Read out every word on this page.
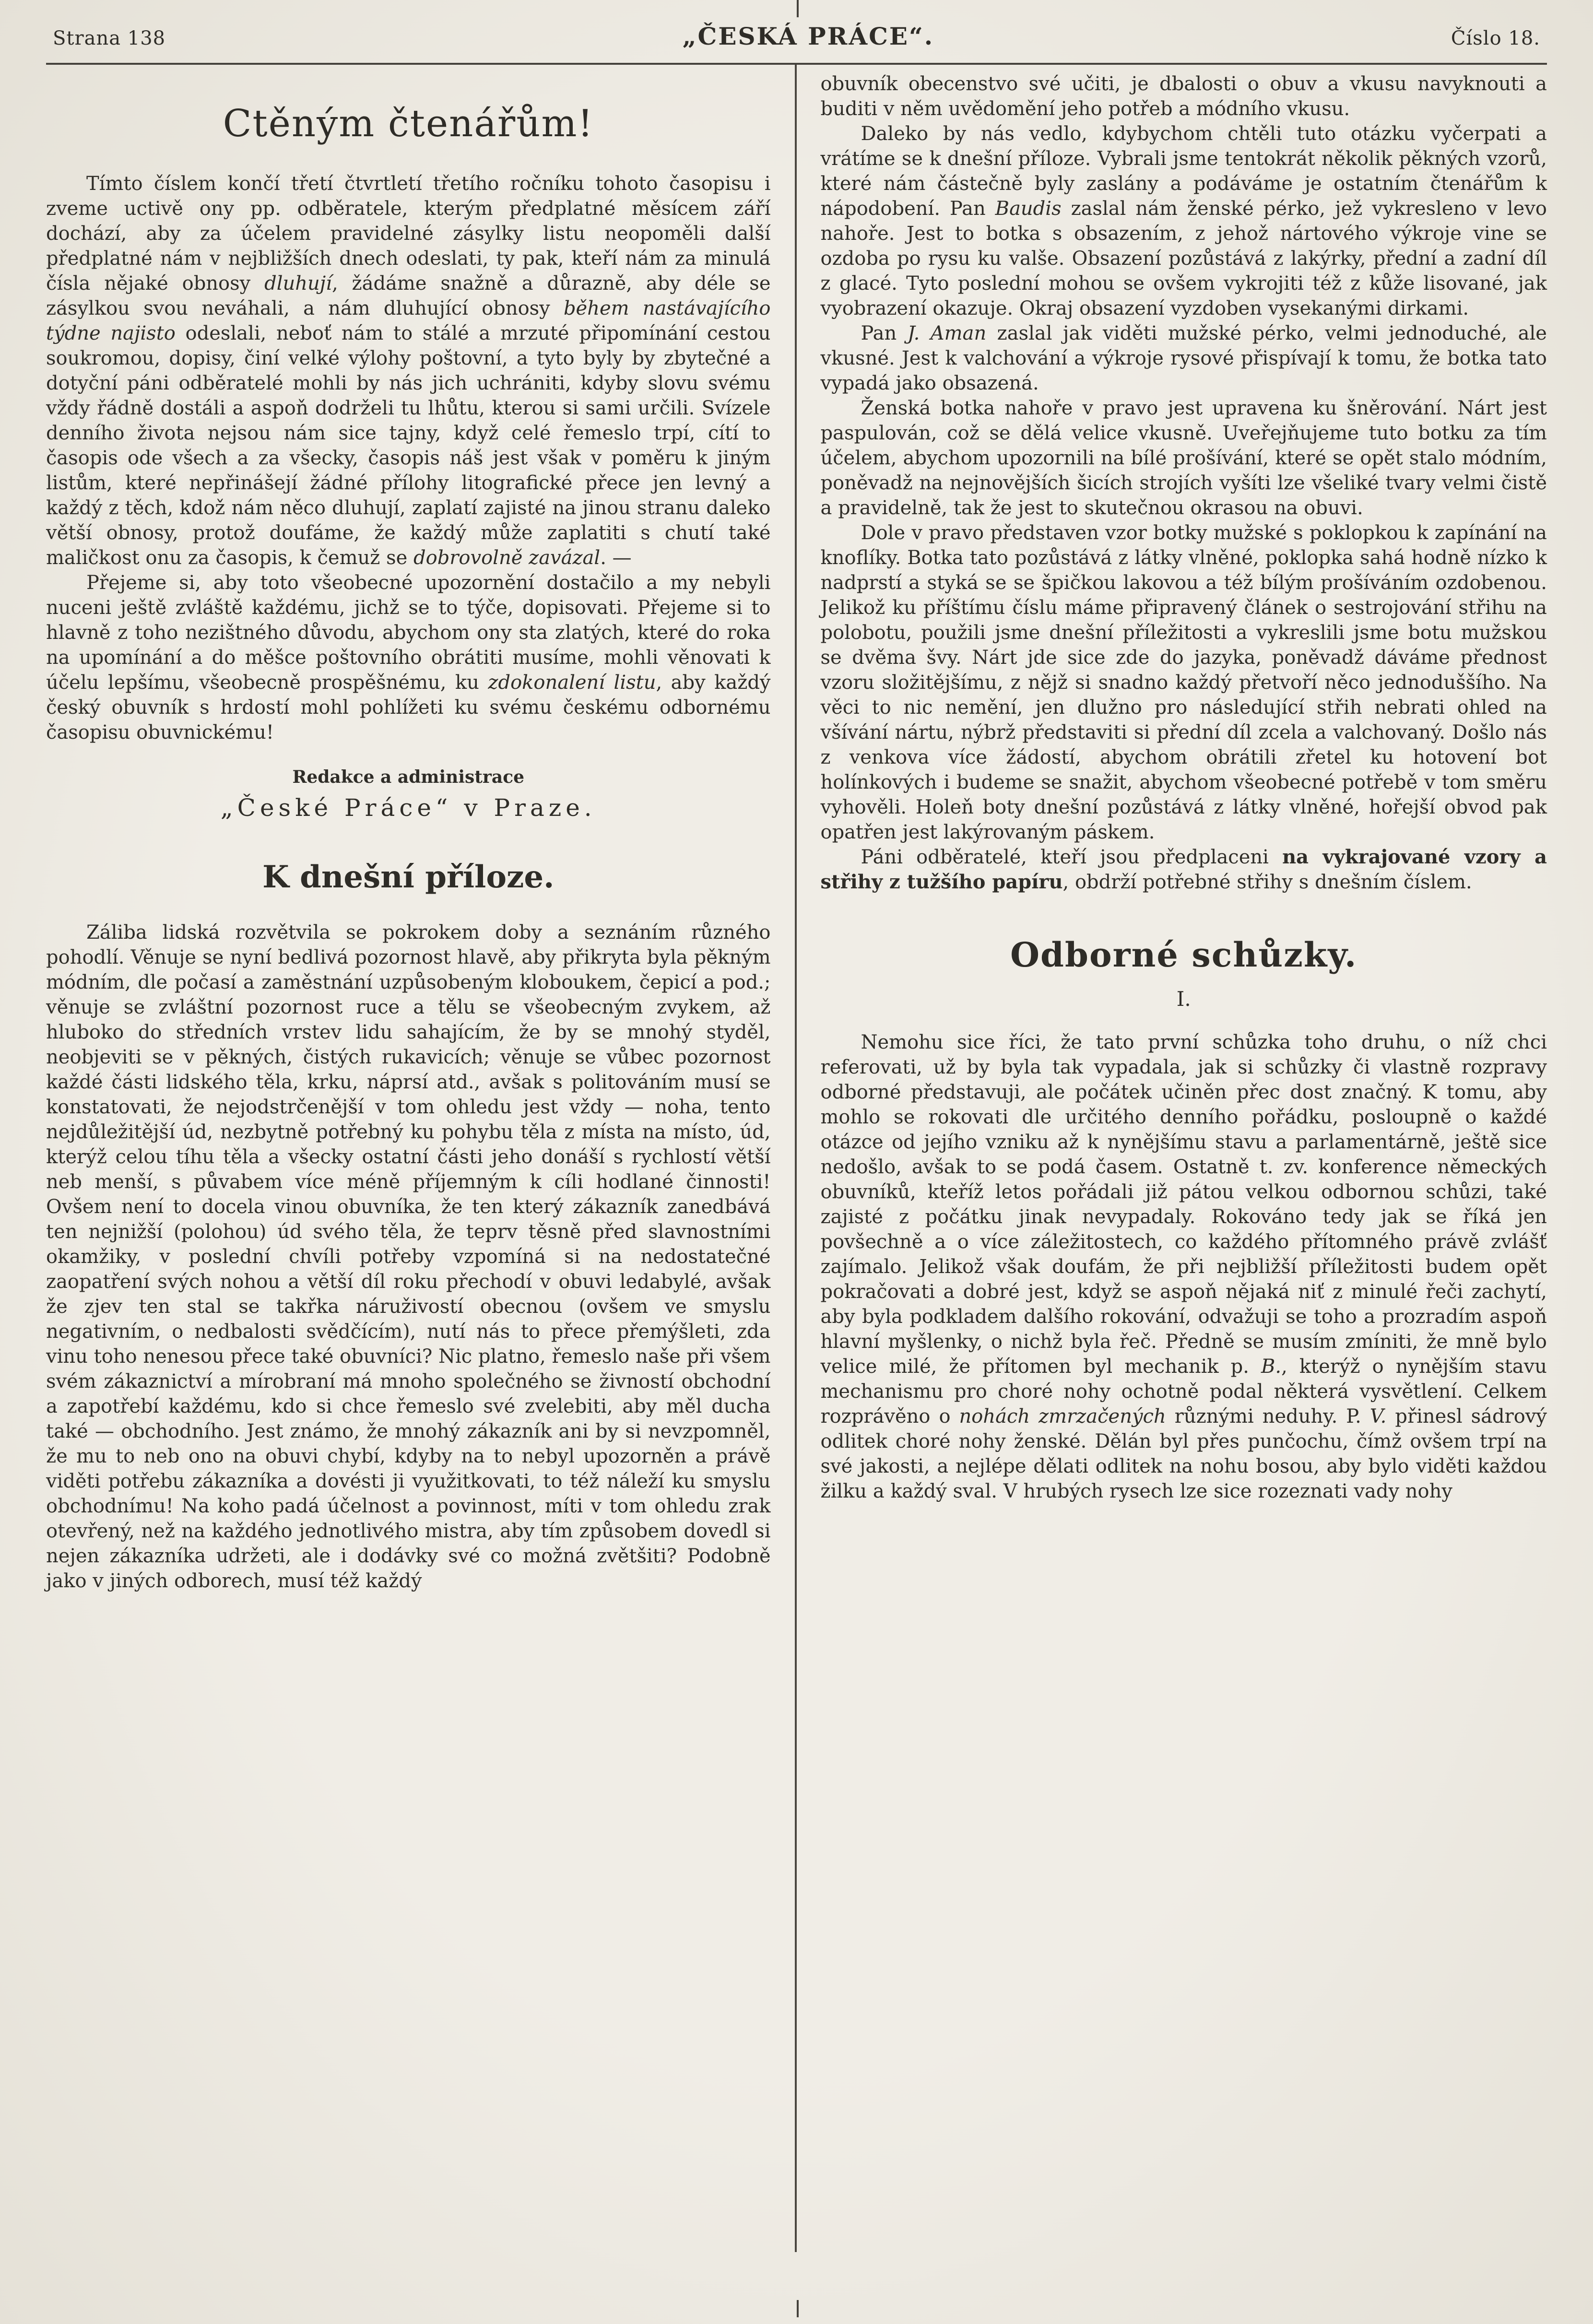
Strana 138	„ČESKÁ PRÁCE“.	Číslo 18.
Ctěným čtenářům!

Tímto číslem končí třetí čtvrtletí třetího ročníku tohoto časopisu i zveme uctivě ony pp. odběratele, kterým předplatné měsícem září dochází, aby za účelem pravidelné zásylky listu neopoměli další předplatné nám v nejbližších dnech odeslati, ty pak, kteří nám za minulá čísla nějaké obnosy dluhují, žádáme snažně a důrazně, aby déle se zásylkou svou neváhali, a nám dluhující obnosy během nastávajícího týdne najisto odeslali, neboť nám to stálé a mrzuté připomínání cestou soukromou, dopisy, činí velké výlohy poštovní, a tyto byly by zbytečné a dotyční páni odběratelé mohli by nás jich uchrániti, kdyby slovu svému vždy řádně dostáli a aspoň dodrželi tu lhůtu, kterou si sami určili. Svízele denního života nejsou nám sice tajny, když celé řemeslo trpí, cítí to časopis ode všech a za všecky, časopis náš jest však v poměru k jiným listům, které nepřinášejí žádné přílohy litografické přece jen levný a každý z těch, kdož nám něco dluhují, zaplatí zajisté na jinou stranu daleko větší obnosy, protož doufáme, že každý může zaplatiti s chutí také maličkost onu za časopis, k čemuž se dobrovolně zavázal. —

Přejeme si, aby toto všeobecné upozornění dostačilo a my nebyli nuceni ještě zvláště každému, jichž se to týče, dopisovati. Přejeme si to hlavně z toho nezištného důvodu, abychom ony sta zlatých, které do roka na upomínání a do měšce poštovního obrátiti musíme, mohli věnovati k účelu lepšímu, všeobecně prospěšnému, ku zdokonalení listu, aby každý český obuvník s hrdostí mohl pohlížeti ku svému českému odbornému časopisu obuvnickému!

Redakce a administrace
„České Práce“ v Praze.
K dnešní příloze.

Záliba lidská rozvětvila se pokrokem doby a seznáním různého pohodlí. Věnuje se nyní bedlivá pozornost hlavě, aby přikryta byla pěkným módním, dle počasí a zaměstnání uzpůsobeným kloboukem, čepicí a pod.; věnuje se zvláštní pozornost ruce a tělu se všeobecným zvykem, až hluboko do středních vrstev lidu sahajícím, že by se mnohý styděl, neobjeviti se v pěkných, čistých rukavicích; věnuje se vůbec pozornost každé části lidského těla, krku, náprsí atd., avšak s politováním musí se konstatovati, že nejodstrčenější v tom ohledu jest vždy — noha, tento nejdůležitější úd, nezbytně potřebný ku pohybu těla z místa na místo, úd, kterýž celou tíhu těla a všecky ostatní části jeho donáší s rychlostí větší neb menší, s půvabem více méně příjemným k cíli hodlané činnosti! Ovšem není to docela vinou obuvníka, že ten který zákazník zanedbává ten nejnižší (polohou) úd svého těla, že teprv těsně před slavnostními okamžiky, v poslední chvíli potřeby vzpomíná si na nedostatečné zaopatření svých nohou a větší díl roku přechodí v obuvi ledabylé, avšak že zjev ten stal se takřka náruživostí obecnou (ovšem ve smyslu negativním, o nedbalosti svědčícím), nutí nás to přece přemýšleti, zda vinu toho nenesou přece také obuvníci? Nic platno, řemeslo naše při všem svém zákaznictví a mírobraní má mnoho společného se živností obchodní a zapotřebí každému, kdo si chce řemeslo své zvelebiti, aby měl ducha také — obchodního. Jest známo, že mnohý zákazník ani by si nevzpomněl, že mu to neb ono na obuvi chybí, kdyby na to nebyl upozorněn a právě viděti potřebu zákazníka a dovésti ji využitkovati, to též náleží ku smyslu obchodnímu! Na koho padá účelnost a povinnost, míti v tom ohledu zrak otevřený, než na každého jednotlivého mistra, aby tím způsobem dovedl si nejen zákazníka udržeti, ale i dodávky své co možná zvětšiti? Podobně jako v jiných odborech, musí též každý

obuvník obecenstvo své učiti, je dbalosti o obuv a vkusu navyknouti a buditi v něm uvědomění jeho potřeb a módního vkusu.

Daleko by nás vedlo, kdybychom chtěli tuto otázku vyčerpati a vrátíme se k dnešní příloze. Vybrali jsme tentokrát několik pěkných vzorů, které nám částečně byly zaslány a podáváme je ostatním čtenářům k nápodobení. Pan Baudis zaslal nám ženské pérko, jež vykresleno v levo nahoře. Jest to botka s obsazením, z jehož nártového výkroje vine se ozdoba po rysu ku valše. Obsazení pozůstává z lakýrky, přední a zadní díl z glacé. Tyto poslední mohou se ovšem vykrojiti též z kůže lisované, jak vyobrazení okazuje. Okraj obsazení vyzdoben vysekanými dirkami.

Pan J. Aman zaslal jak viděti mužské pérko, velmi jednoduché, ale vkusné. Jest k valchování a výkroje rysové přispívají k tomu, že botka tato vypadá jako obsazená.

Ženská botka nahoře v pravo jest upravena ku šněrování. Nárt jest paspulován, což se dělá velice vkusně. Uveřejňujeme tuto botku za tím účelem, abychom upozornili na bílé prošívání, které se opět stalo módním, poněvadž na nejnovějších šicích strojích vyšíti lze všeliké tvary velmi čistě a pravidelně, tak že jest to skutečnou okrasou na obuvi.

Dole v pravo představen vzor botky mužské s poklopkou k zapínání na knoflíky. Botka tato pozůstává z látky vlněné, poklopka sahá hodně nízko k nadprstí a styká se se špičkou lakovou a též bílým prošíváním ozdobenou. Jelikož ku příštímu číslu máme připravený článek o sestrojování střihu na polobotu, použili jsme dnešní příležitosti a vykreslili jsme botu mužskou se dvěma švy. Nárt jde sice zde do jazyka, poněvadž dáváme přednost vzoru složitějšímu, z nějž si snadno každý přetvoří něco jednoduššího. Na věci to nic nemění, jen dlužno pro následující střih nebrati ohled na všívání nártu, nýbrž představiti si přední díl zcela a valchovaný. Došlo nás z venkova více žádostí, abychom obrátili zřetel ku hotovení bot holínkových i budeme se snažit, abychom všeobecné potřebě v tom směru vyhověli. Holeň boty dnešní pozůstává z látky vlněné, hořejší obvod pak opatřen jest lakýrovaným páskem.

Páni odběratelé, kteří jsou předplaceni na vykrajované vzory a střihy z tužšího papíru, obdrží potřebné střihy s dnešním číslem.

Odborné schůzky.
I.

Nemohu sice říci, že tato první schůzka toho druhu, o níž chci referovati, už by byla tak vypadala, jak si schůzky či vlastně rozpravy odborné představuji, ale počátek učiněn přec dost značný. K tomu, aby mohlo se rokovati dle určitého denního pořádku, posloupně o každé otázce od jejího vzniku až k nynějšímu stavu a parlamentárně, ještě sice nedošlo, avšak to se podá časem. Ostatně t. zv. konference německých obuvníků, kteříž letos pořádali již pátou velkou odbornou schůzi, také zajisté z počátku jinak nevypadaly. Rokováno tedy jak se říká jen povšechně a o více záležitostech, co každého přítomného právě zvlášť zajímalo. Jelikož však doufám, že při nejbližší příležitosti budem opět pokračovati a dobré jest, když se aspoň nějaká niť z minulé řeči zachytí, aby byla podkladem dalšího rokování, odvažuji se toho a prozradím aspoň hlavní myšlenky, o nichž byla řeč. Předně se musím zmíniti, že mně bylo velice milé, že přítomen byl mechanik p. B., kterýž o nynějším stavu mechanismu pro choré nohy ochotně podal některá vysvětlení. Celkem rozprávěno o nohách zmrzačených různými neduhy. P. V. přinesl sádrový odlitek choré nohy ženské. Dělán byl přes punčochu, čímž ovšem trpí na své jakosti, a nejlépe dělati odlitek na nohu bosou, aby bylo viděti každou žilku a každý sval. V hrubých rysech lze sice rozeznati vady nohy
